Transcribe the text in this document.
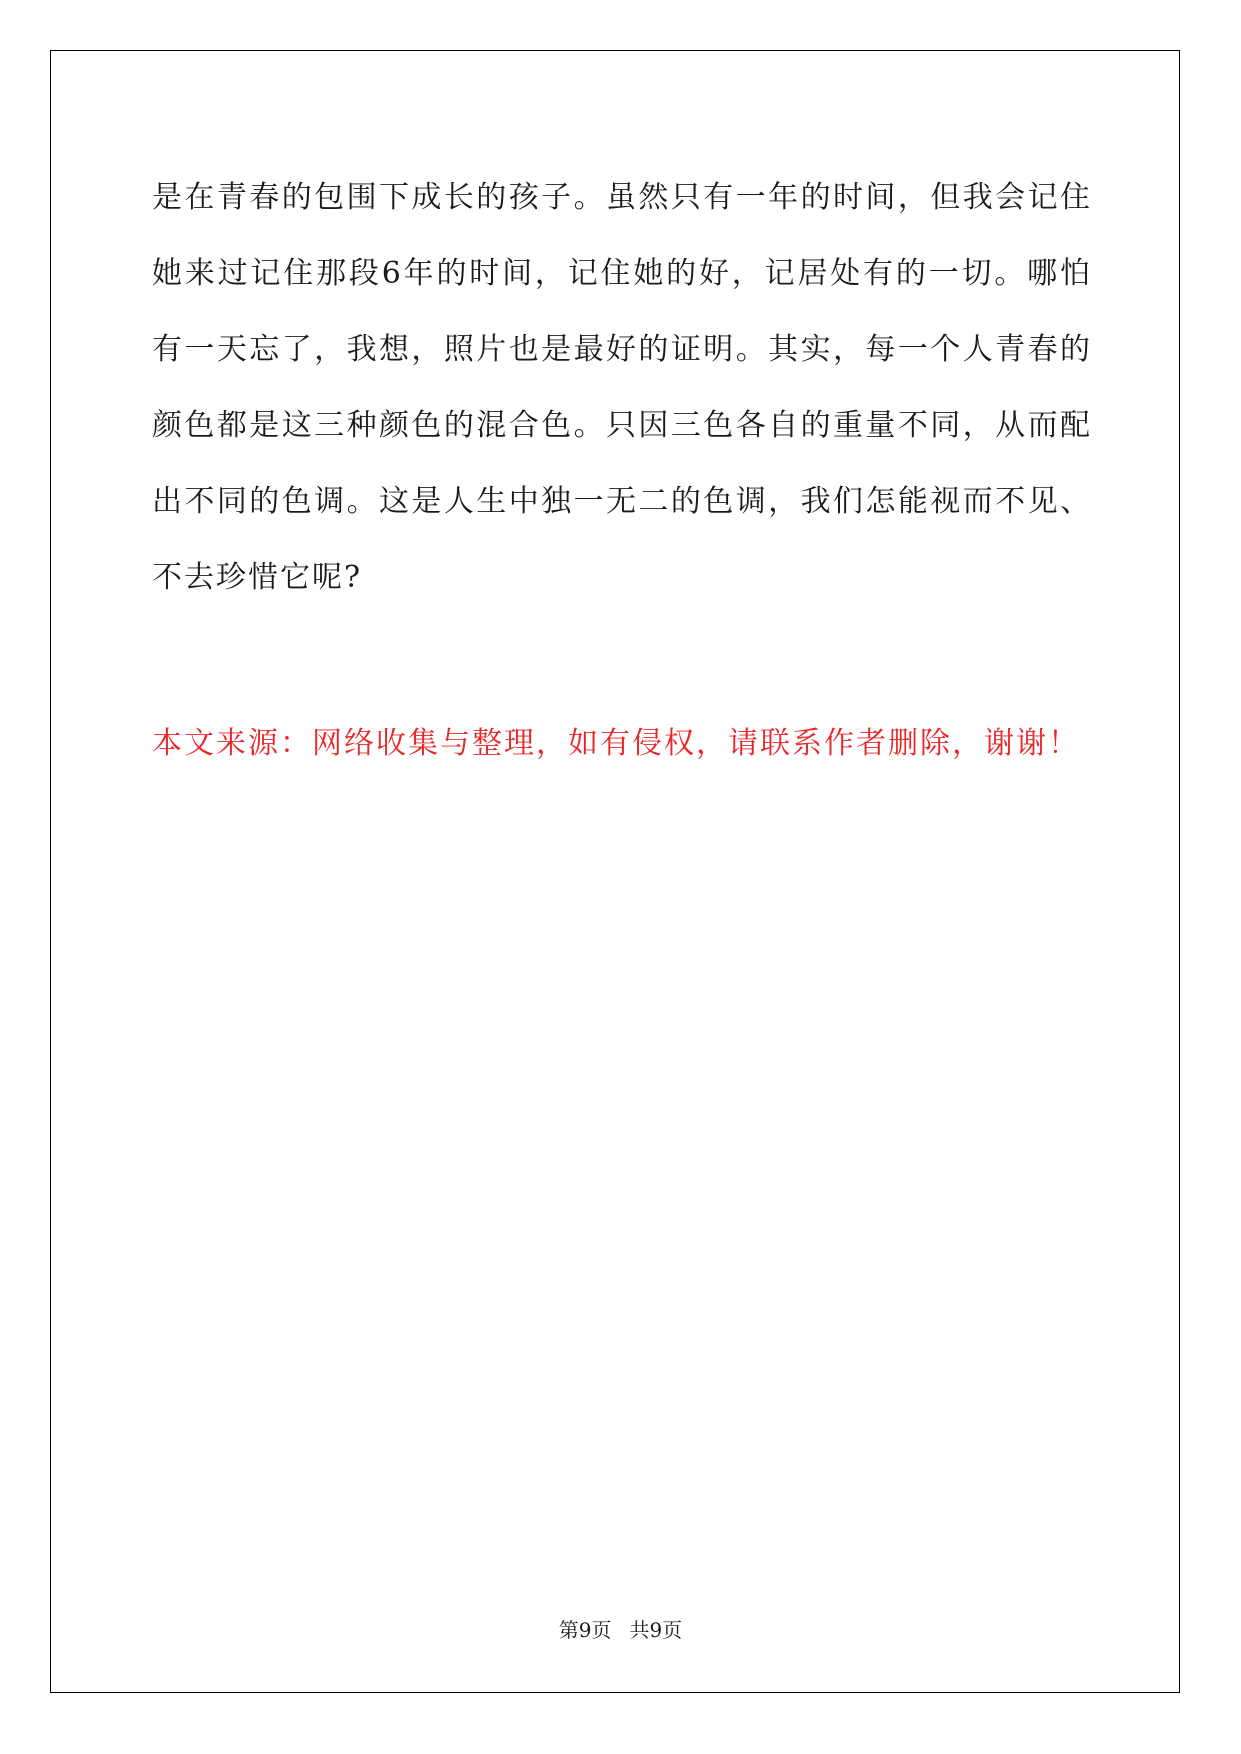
是在青春的包围下成长的孩子。虽然只有一年的时间，但我会记住她来过记住那段6年的时间，记住她的好，记居处有的一切。哪怕有一天忘了，我想，照片也是最好的证明。其实，每一个人青春的颜色都是这三种颜色的混合色。只因三色各自的重量不同，从而配出不同的色调。这是人生中独一无二的色调，我们怎能视而不见、不去珍惜它呢?

本文来源：网络收集与整理，如有侵权，请联系作者删除，谢谢！

第9页 共9页
